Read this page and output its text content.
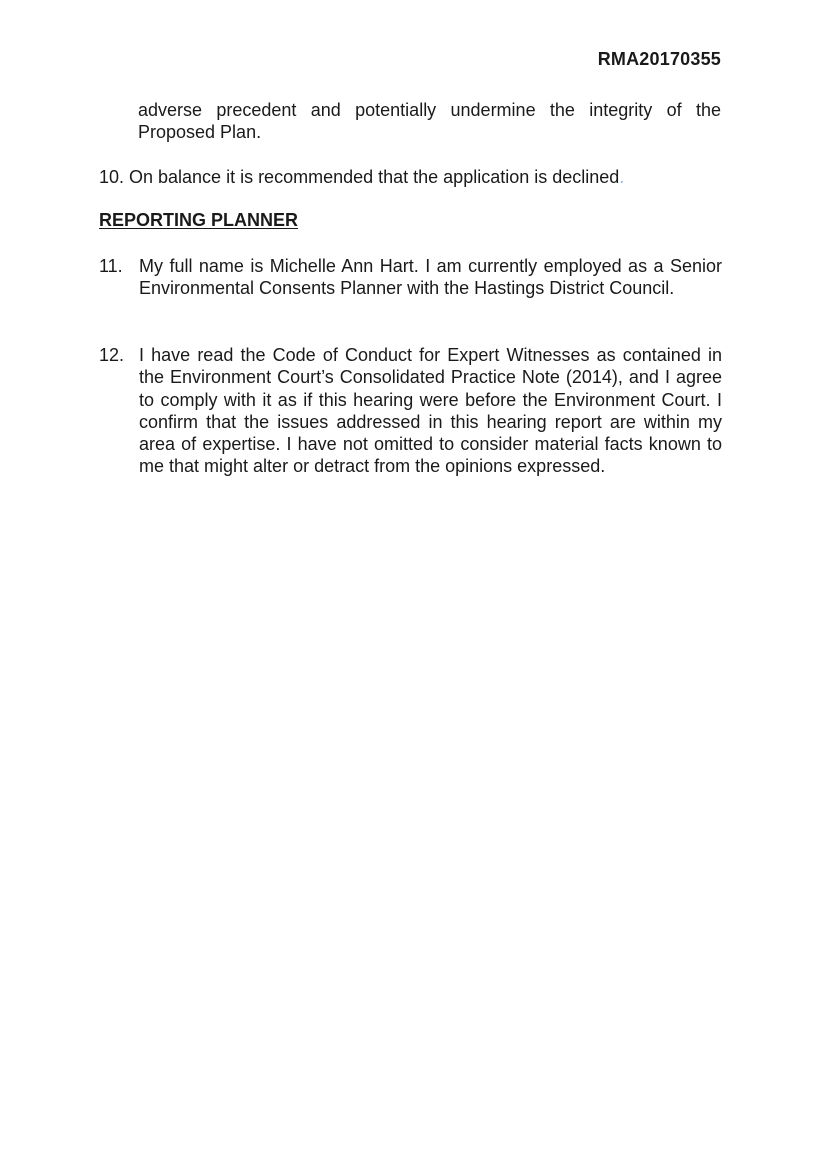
RMA20170355

adverse precedent and potentially undermine the integrity of the Proposed Plan.

10. On balance it is recommended that the application is declined.

REPORTING PLANNER
11. My full name is Michelle Ann Hart. I am currently employed as a Senior Environmental Consents Planner with the Hastings District Council.

12. I have read the Code of Conduct for Expert Witnesses as contained in the Environment Court’s Consolidated Practice Note (2014), and I agree to comply with it as if this hearing were before the Environment Court. I confirm that the issues addressed in this hearing report are within my area of expertise. I have not omitted to consider material facts known to me that might alter or detract from the opinions expressed.
